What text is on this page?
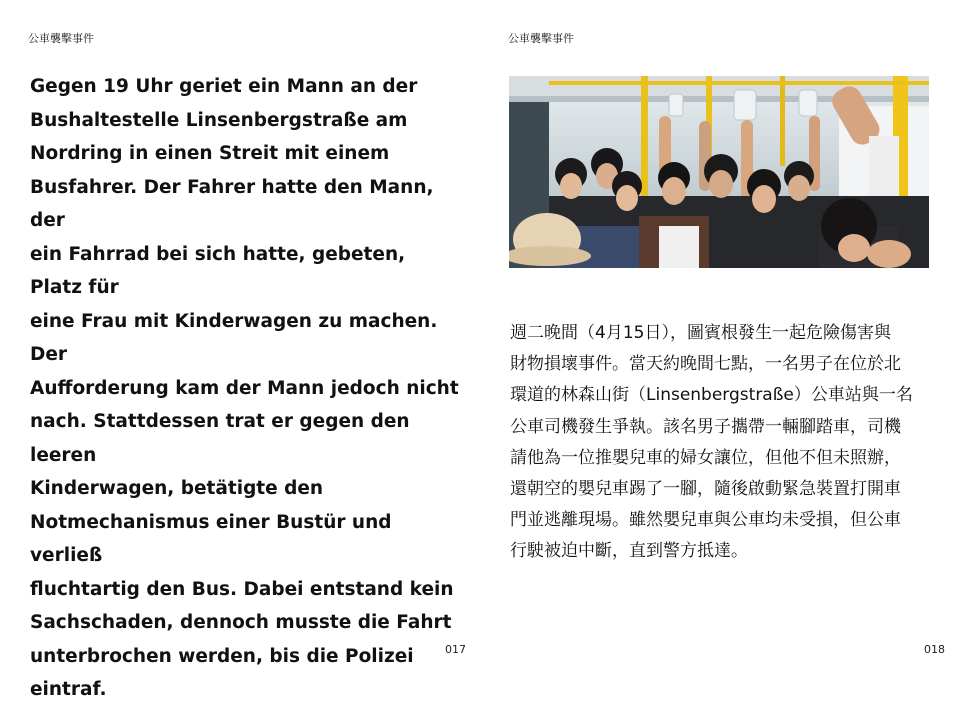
公車襲擊事件
Gegen 19 Uhr geriet ein Mann an der
Bushaltestelle Linsenbergstraße am
Nordring in einen Streit mit einem
Busfahrer. Der Fahrer hatte den Mann, der
ein Fahrrad bei sich hatte, gebeten, Platz für
eine Frau mit Kinderwagen zu machen. Der
Aufforderung kam der Mann jedoch nicht
nach. Stattdessen trat er gegen den leeren
Kinderwagen, betätigte den
Notmechanismus einer Bustür und verließ
fluchtartig den Bus. Dabei entstand kein
Sachschaden, dennoch musste die Fahrt
unterbrochen werden, bis die Polizei eintraf.
017
公車襲擊事件
週二晚間（4月15日），圖賓根發生一起危險傷害與
財物損壞事件。當天約晚間七點，一名男子在位於北
環道的林森山街（Linsenbergstraße）公車站與一名
公車司機發生爭執。該名男子攜帶一輛腳踏車，司機
請他為一位推嬰兒車的婦女讓位，但他不但未照辦，
還朝空的嬰兒車踢了一腳，隨後啟動緊急裝置打開車
門並逃離現場。雖然嬰兒車與公車均未受損，但公車
行駛被迫中斷，直到警方抵達。
018
